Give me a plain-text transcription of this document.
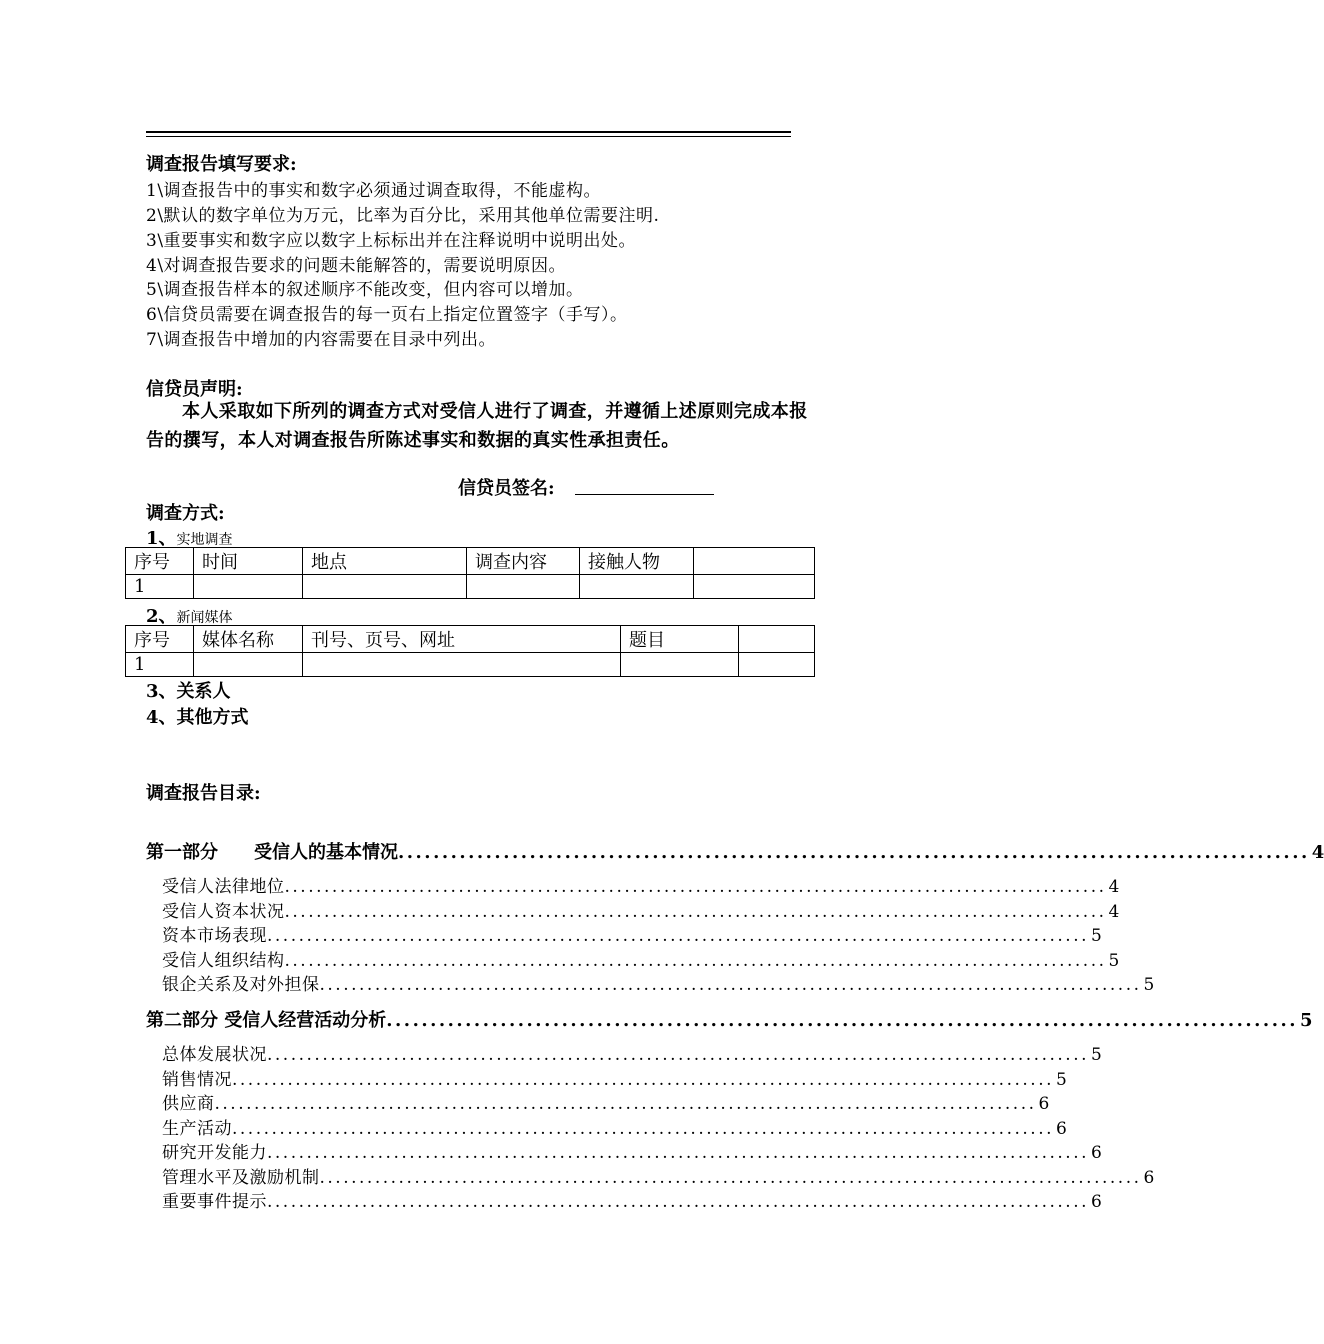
调查报告填写要求:
1\调查报告中的事实和数字必须通过调查取得，不能虚构。
2\默认的数字单位为万元，比率为百分比，采用其他单位需要注明.
3\重要事实和数字应以数字上标标出并在注释说明中说明出处。
4\对调查报告要求的问题未能解答的，需要说明原因。
5\调查报告样本的叙述顺序不能改变，但内容可以增加。
6\信贷员需要在调查报告的每一页右上指定位置签字（手写）。
7\调查报告中增加的内容需要在目录中列出。
信贷员声明:
本人采取如下所列的调查方式对受信人进行了调查，并遵循上述原则完成本报告的撰写，本人对调查报告所陈述事实和数据的真实性承担责任。
信贷员签名:
调查方式:
1、实地调查
序号	时间	地点	调查内容	接触人物	
1					
2、新闻媒体
序号	媒体名称	刊号、页号、网址	题目	
1				
3、关系人
4、其他方式
调查报告目录:
第一部分　　受信人的基本情况 ........................................................................................................ 4
受信人法律地位 ........................................................................................................ 4
受信人资本状况 ........................................................................................................ 4
资本市场表现 ........................................................................................................ 5
受信人组织结构 ........................................................................................................ 5
银企关系及对外担保 ........................................................................................................ 5
第二部分 受信人经营活动分析 ........................................................................................................ 5
总体发展状况 ........................................................................................................ 5
销售情况 ........................................................................................................ 5
供应商 ........................................................................................................ 6
生产活动 ........................................................................................................ 6
研究开发能力 ........................................................................................................ 6
管理水平及激励机制 ........................................................................................................ 6
重要事件提示 ........................................................................................................ 6
